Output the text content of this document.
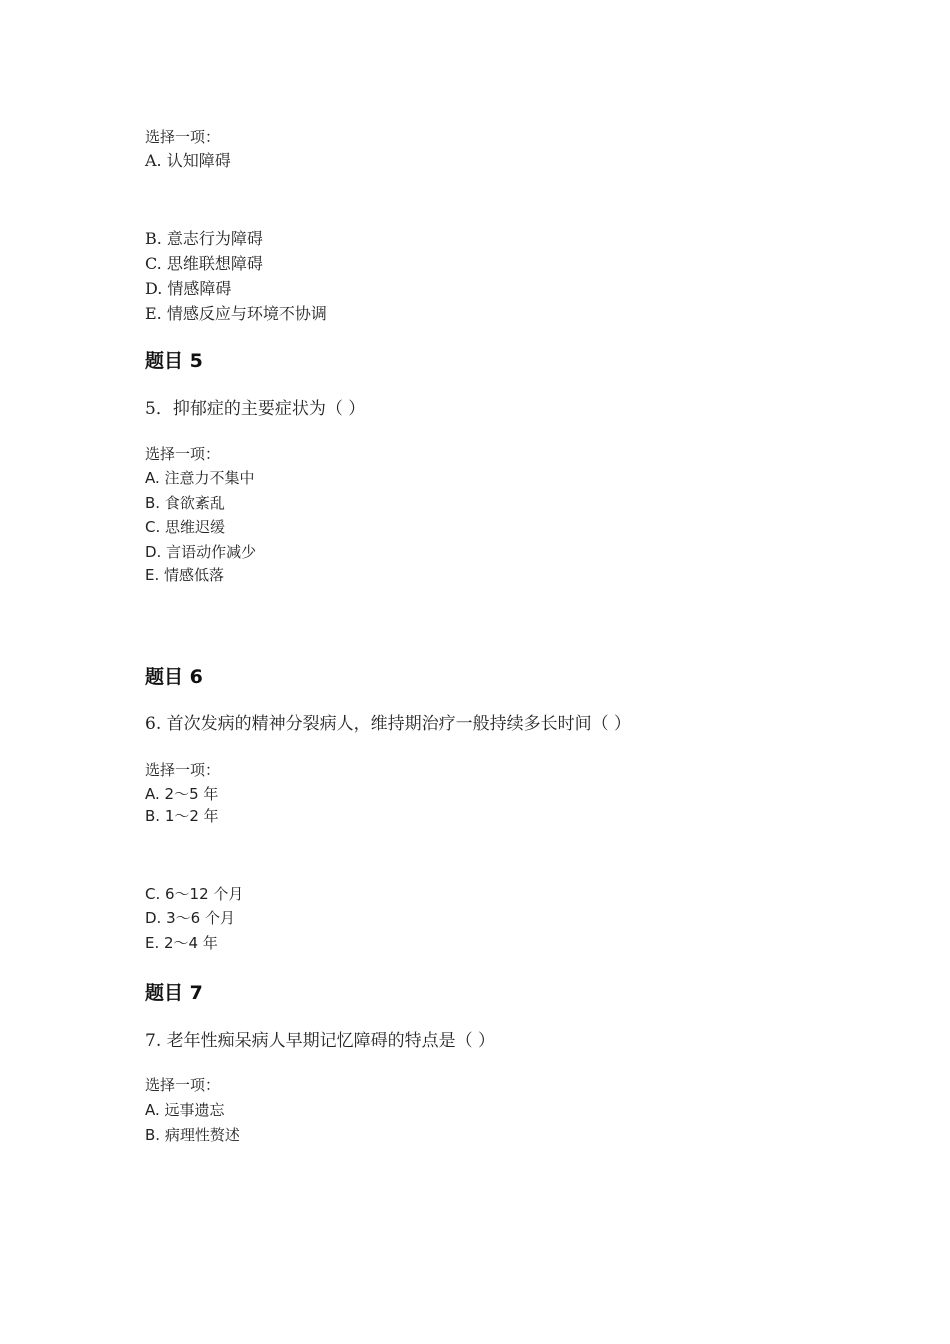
选择一项：
A. 认知障碍
B. 意志行为障碍
C. 思维联想障碍
D. 情感障碍
E. 情感反应与环境不协调
题目 5
5．抑郁症的主要症状为（ ）
选择一项：
A. 注意力不集中
B. 食欲紊乱
C. 思维迟缓
D. 言语动作减少
E. 情感低落
题目 6
6. 首次发病的精神分裂病人，维持期治疗一般持续多长时间（ ）
选择一项：
A. 2～5 年
B. 1～2 年
C. 6～12 个月
D. 3～6 个月
E. 2～4 年
题目 7
7. 老年性痴呆病人早期记忆障碍的特点是（ ）
选择一项：
A. 远事遗忘
B. 病理性赘述
